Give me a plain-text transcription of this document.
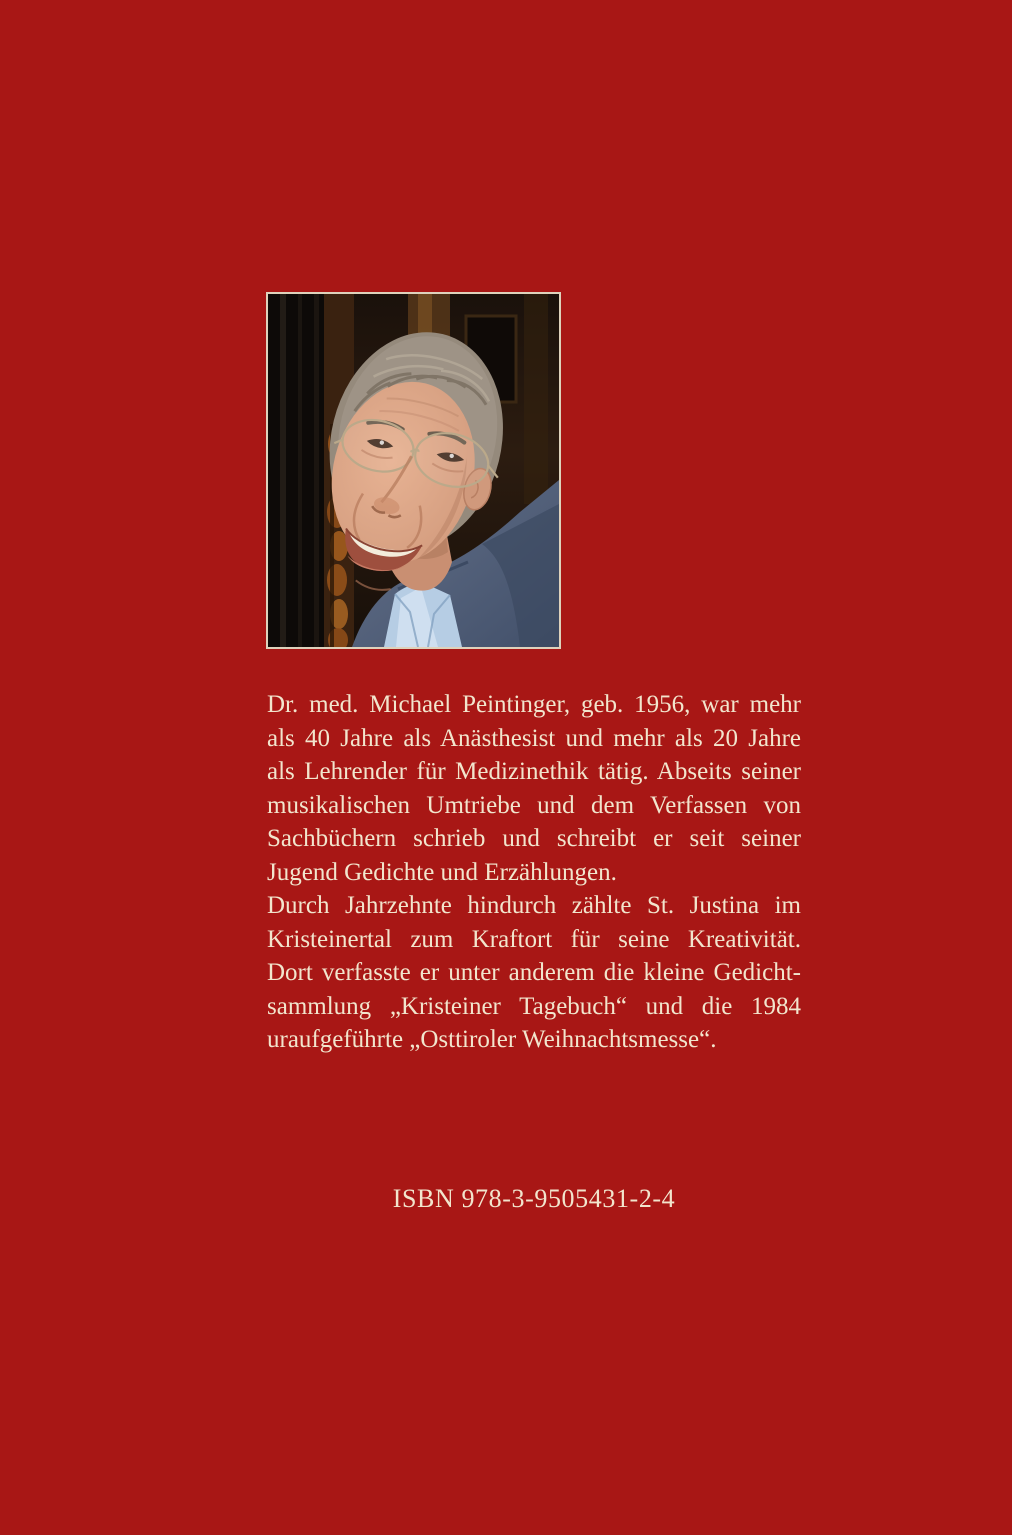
Dr. med. Michael Peintinger, geb. 1956, war mehr
als 40 Jahre als Anästhesist und mehr als 20 Jahre
als Lehrender für Medizinethik tätig. Abseits seiner
musikalischen Umtriebe und dem Verfassen von
Sachbüchern schrieb und schreibt er seit seiner
Jugend Gedichte und Erzählungen.
Durch Jahrzehnte hindurch zählte St. Justina im
Kristeinertal zum Kraftort für seine Kreativität.
Dort verfasste er unter anderem die kleine Gedicht-
sammlung „Kristeiner Tagebuch“ und die 1984
uraufgeführte „Osttiroler Weihnachtsmesse“.
ISBN 978-3-9505431-2-4
